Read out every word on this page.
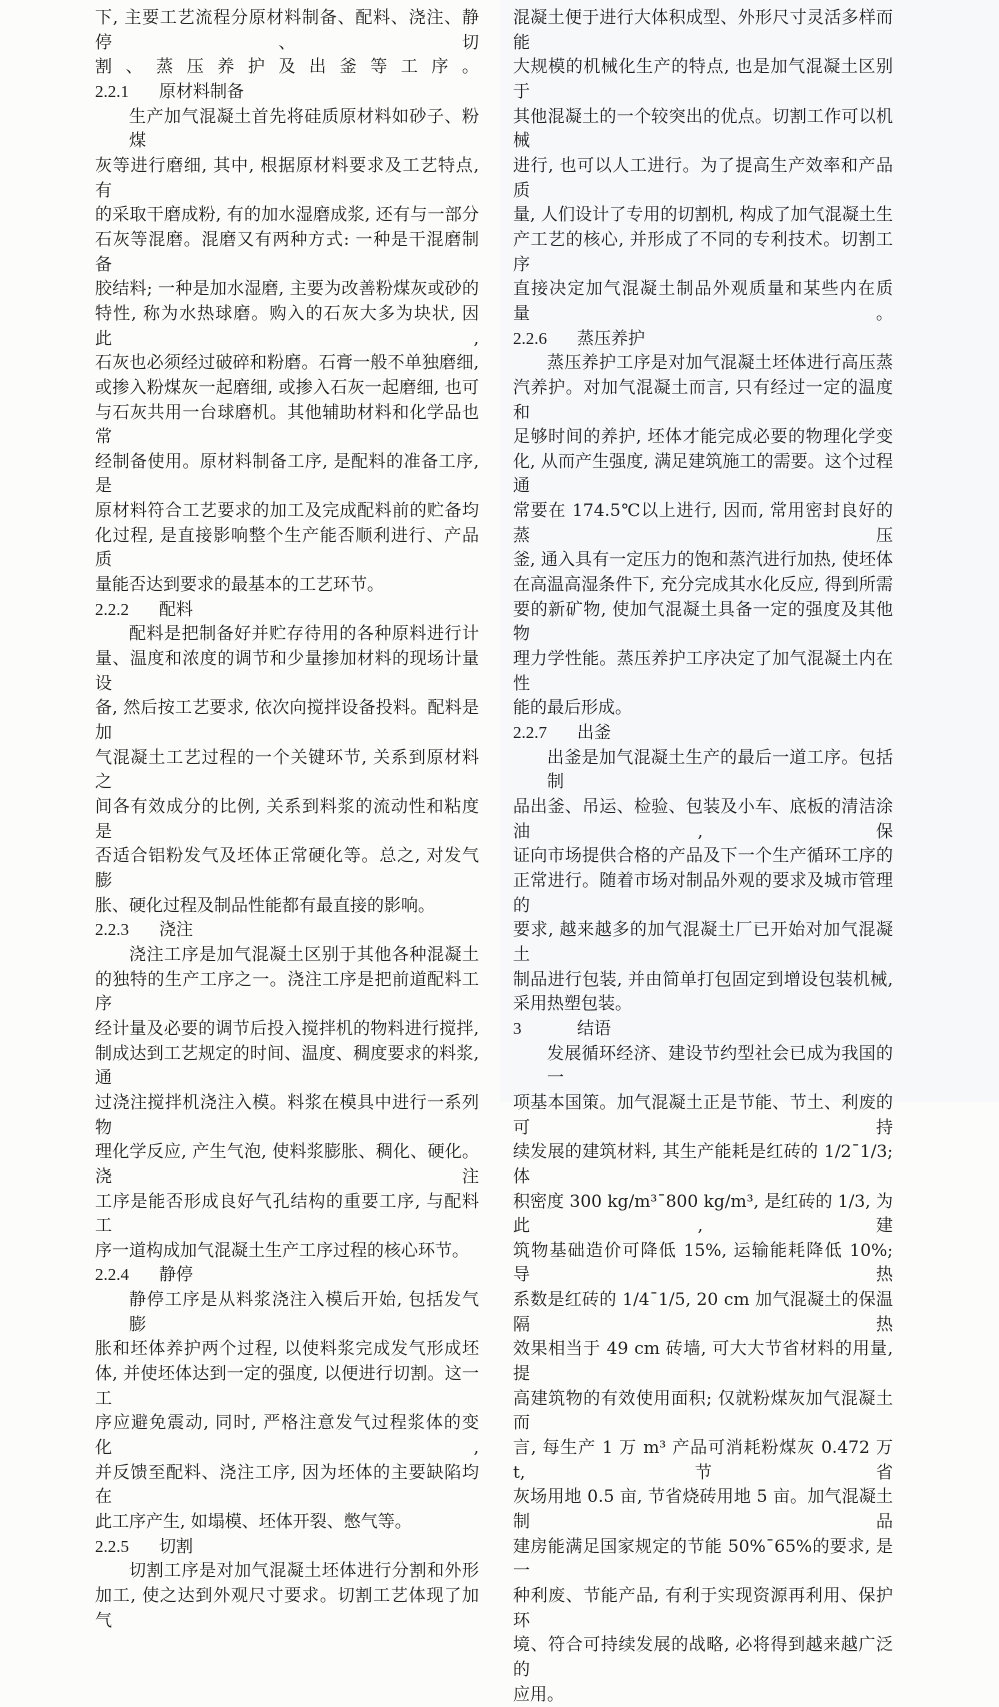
下, 主要工艺流程分原材料制备、配料、浇注、静停、切
割、蒸压养护及出釜等工序。
2.2.1	原材料制备
生产加气混凝土首先将硅质原材料如砂子、粉煤
灰等进行磨细, 其中, 根据原材料要求及工艺特点, 有
的采取干磨成粉, 有的加水湿磨成浆, 还有与一部分
石灰等混磨。混磨又有两种方式: 一种是干混磨制备
胶结料; 一种是加水湿磨, 主要为改善粉煤灰或砂的
特性, 称为水热球磨。购入的石灰大多为块状, 因此,
石灰也必须经过破碎和粉磨。石膏一般不单独磨细,
或掺入粉煤灰一起磨细, 或掺入石灰一起磨细, 也可
与石灰共用一台球磨机。其他辅助材料和化学品也常
经制备使用。原材料制备工序, 是配料的准备工序, 是
原材料符合工艺要求的加工及完成配料前的贮备均
化过程, 是直接影响整个生产能否顺利进行、产品质
量能否达到要求的最基本的工艺环节。
2.2.2	配料
配料是把制备好并贮存待用的各种原料进行计
量、温度和浓度的调节和少量掺加材料的现场计量设
备, 然后按工艺要求, 依次向搅拌设备投料。配料是加
气混凝土工艺过程的一个关键环节, 关系到原材料之
间各有效成分的比例, 关系到料浆的流动性和粘度是
否适合铝粉发气及坯体正常硬化等。总之, 对发气膨
胀、硬化过程及制品性能都有最直接的影响。
2.2.3	浇注
浇注工序是加气混凝土区别于其他各种混凝土
的独特的生产工序之一。浇注工序是把前道配料工序
经计量及必要的调节后投入搅拌机的物料进行搅拌,
制成达到工艺规定的时间、温度、稠度要求的料浆, 通
过浇注搅拌机浇注入模。料浆在模具中进行一系列物
理化学反应, 产生气泡, 使料浆膨胀、稠化、硬化。浇注
工序是能否形成良好气孔结构的重要工序, 与配料工
序一道构成加气混凝土生产工序过程的核心环节。
2.2.4	静停
静停工序是从料浆浇注入模后开始, 包括发气膨
胀和坯体养护两个过程, 以使料浆完成发气形成坯
体, 并使坯体达到一定的强度, 以便进行切割。这一工
序应避免震动, 同时, 严格注意发气过程浆体的变化,
并反馈至配料、浇注工序, 因为坯体的主要缺陷均在
此工序产生, 如塌模、坯体开裂、憋气等。
2.2.5	切割
切割工序是对加气混凝土坯体进行分割和外形
加工, 使之达到外观尺寸要求。切割工艺体现了加气
混凝土便于进行大体积成型、外形尺寸灵活多样而能
大规模的机械化生产的特点, 也是加气混凝土区别于
其他混凝土的一个较突出的优点。切割工作可以机械
进行, 也可以人工进行。为了提高生产效率和产品质
量, 人们设计了专用的切割机, 构成了加气混凝土生
产工艺的核心, 并形成了不同的专利技术。切割工序
直接决定加气混凝土制品外观质量和某些内在质量。
2.2.6	蒸压养护
蒸压养护工序是对加气混凝土坯体进行高压蒸
汽养护。对加气混凝土而言, 只有经过一定的温度和
足够时间的养护, 坯体才能完成必要的物理化学变
化, 从而产生强度, 满足建筑施工的需要。这个过程通
常要在 174.5℃以上进行, 因而, 常用密封良好的蒸压
釜, 通入具有一定压力的饱和蒸汽进行加热, 使坯体
在高温高湿条件下, 充分完成其水化反应, 得到所需
要的新矿物, 使加气混凝土具备一定的强度及其他物
理力学性能。蒸压养护工序决定了加气混凝土内在性
能的最后形成。
2.2.7	出釜
出釜是加气混凝土生产的最后一道工序。包括制
品出釜、吊运、检验、包装及小车、底板的清洁涂油, 保
证向市场提供合格的产品及下一个生产循环工序的
正常进行。随着市场对制品外观的要求及城市管理的
要求, 越来越多的加气混凝土厂已开始对加气混凝土
制品进行包装, 并由简单打包固定到增设包装机械,
采用热塑包装。
3	结语
发展循环经济、建设节约型社会已成为我国的一
项基本国策。加气混凝土正是节能、节土、利废的可持
续发展的建筑材料, 其生产能耗是红砖的 1/2¯1/3; 体
积密度 300 kg/m³¯800 kg/m³, 是红砖的 1/3, 为此, 建
筑物基础造价可降低 15%, 运输能耗降低 10%; 导热
系数是红砖的 1/4¯1/5, 20 cm 加气混凝土的保温隔热
效果相当于 49 cm 砖墙, 可大大节省材料的用量, 提
高建筑物的有效使用面积; 仅就粉煤灰加气混凝土而
言, 每生产 1 万 m³ 产品可消耗粉煤灰 0.472 万 t, 节省
灰场用地 0.5 亩, 节省烧砖用地 5 亩。加气混凝土制品
建房能满足国家规定的节能 50%¯65%的要求, 是一
种利废、节能产品, 有利于实现资源再利用、保护环
境、符合可持续发展的战略, 必将得到越来越广泛的
应用。
